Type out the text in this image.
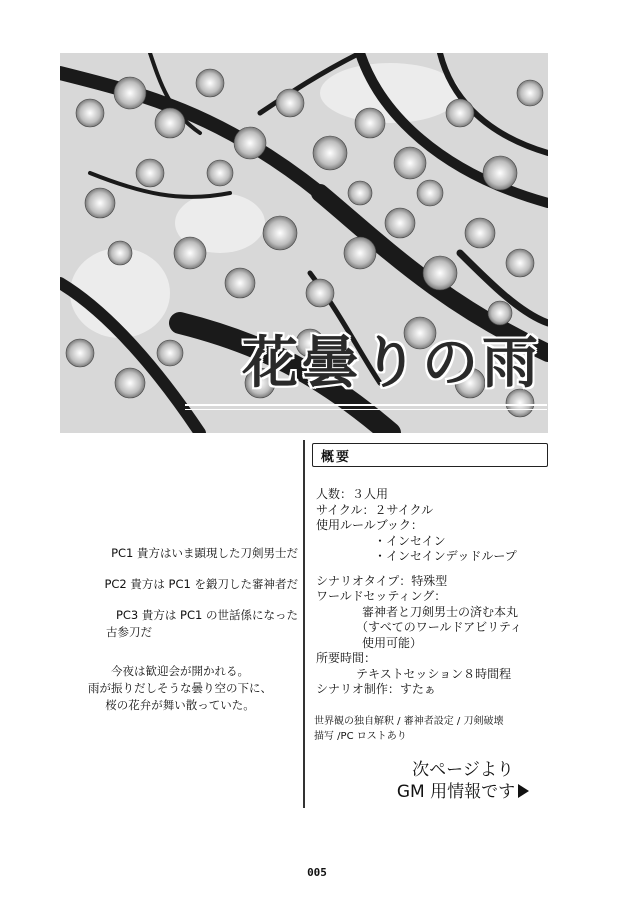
花曇りの雨
PC1 貴方はいま顕現した刀剣男士だ
PC2 貴方は PC1 を鍛刀した審神者だ
PC3 貴方は PC1 の世話係になった
古参刀だ
今夜は歓迎会が開かれる。
雨が振りだしそうな曇り空の下に、
桜の花弁が舞い散っていた。
概要
人数：３人用
サイクル：２サイクル
使用ルールブック：
・インセイン
・インセインデッドループ
シナリオタイプ：特殊型
ワールドセッティング：
審神者と刀剣男士の済む本丸
（すべてのワールドアビリティ
使用可能）
所要時間：
テキストセッション８時間程
シナリオ制作：すたぁ
世界観の独自解釈 / 審神者設定 / 刀剣破壊
描写 /PC ロストあり
次ページより
GM 用情報です
005
